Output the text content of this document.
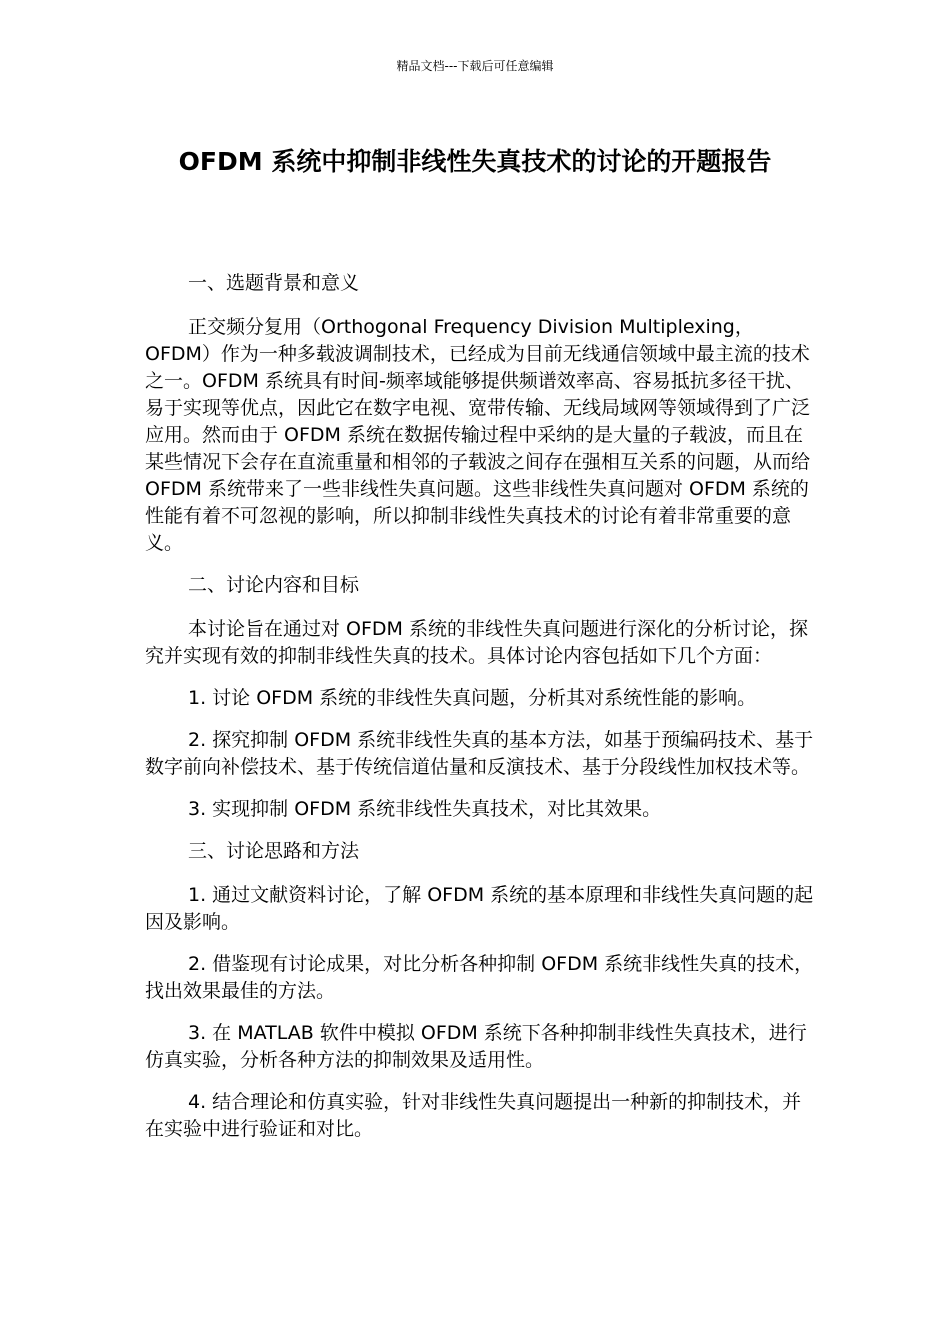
精品文档---下载后可任意编辑
OFDM 系统中抑制非线性失真技术的讨论的开题报告

一、选题背景和意义

正交频分复用（Orthogonal Frequency Division Multiplexing，OFDM）作为一种多载波调制技术，已经成为目前无线通信领域中最主流的技术之一。OFDM 系统具有时间-频率域能够提供频谱效率高、容易抵抗多径干扰、易于实现等优点，因此它在数字电视、宽带传输、无线局域网等领域得到了广泛应用。然而由于 OFDM 系统在数据传输过程中采纳的是大量的子载波，而且在某些情况下会存在直流重量和相邻的子载波之间存在强相互关系的问题，从而给 OFDM 系统带来了一些非线性失真问题。这些非线性失真问题对 OFDM 系统的性能有着不可忽视的影响，所以抑制非线性失真技术的讨论有着非常重要的意义。

二、讨论内容和目标

本讨论旨在通过对 OFDM 系统的非线性失真问题进行深化的分析讨论，探究并实现有效的抑制非线性失真的技术。具体讨论内容包括如下几个方面：

1. 讨论 OFDM 系统的非线性失真问题，分析其对系统性能的影响。

2. 探究抑制 OFDM 系统非线性失真的基本方法，如基于预编码技术、基于数字前向补偿技术、基于传统信道估量和反演技术、基于分段线性加权技术等。

3. 实现抑制 OFDM 系统非线性失真技术，对比其效果。

三、讨论思路和方法

1. 通过文献资料讨论，了解 OFDM 系统的基本原理和非线性失真问题的起因及影响。

2. 借鉴现有讨论成果，对比分析各种抑制 OFDM 系统非线性失真的技术，找出效果最佳的方法。

3. 在 MATLAB 软件中模拟 OFDM 系统下各种抑制非线性失真技术，进行仿真实验，分析各种方法的抑制效果及适用性。

4. 结合理论和仿真实验，针对非线性失真问题提出一种新的抑制技术，并在实验中进行验证和对比。
